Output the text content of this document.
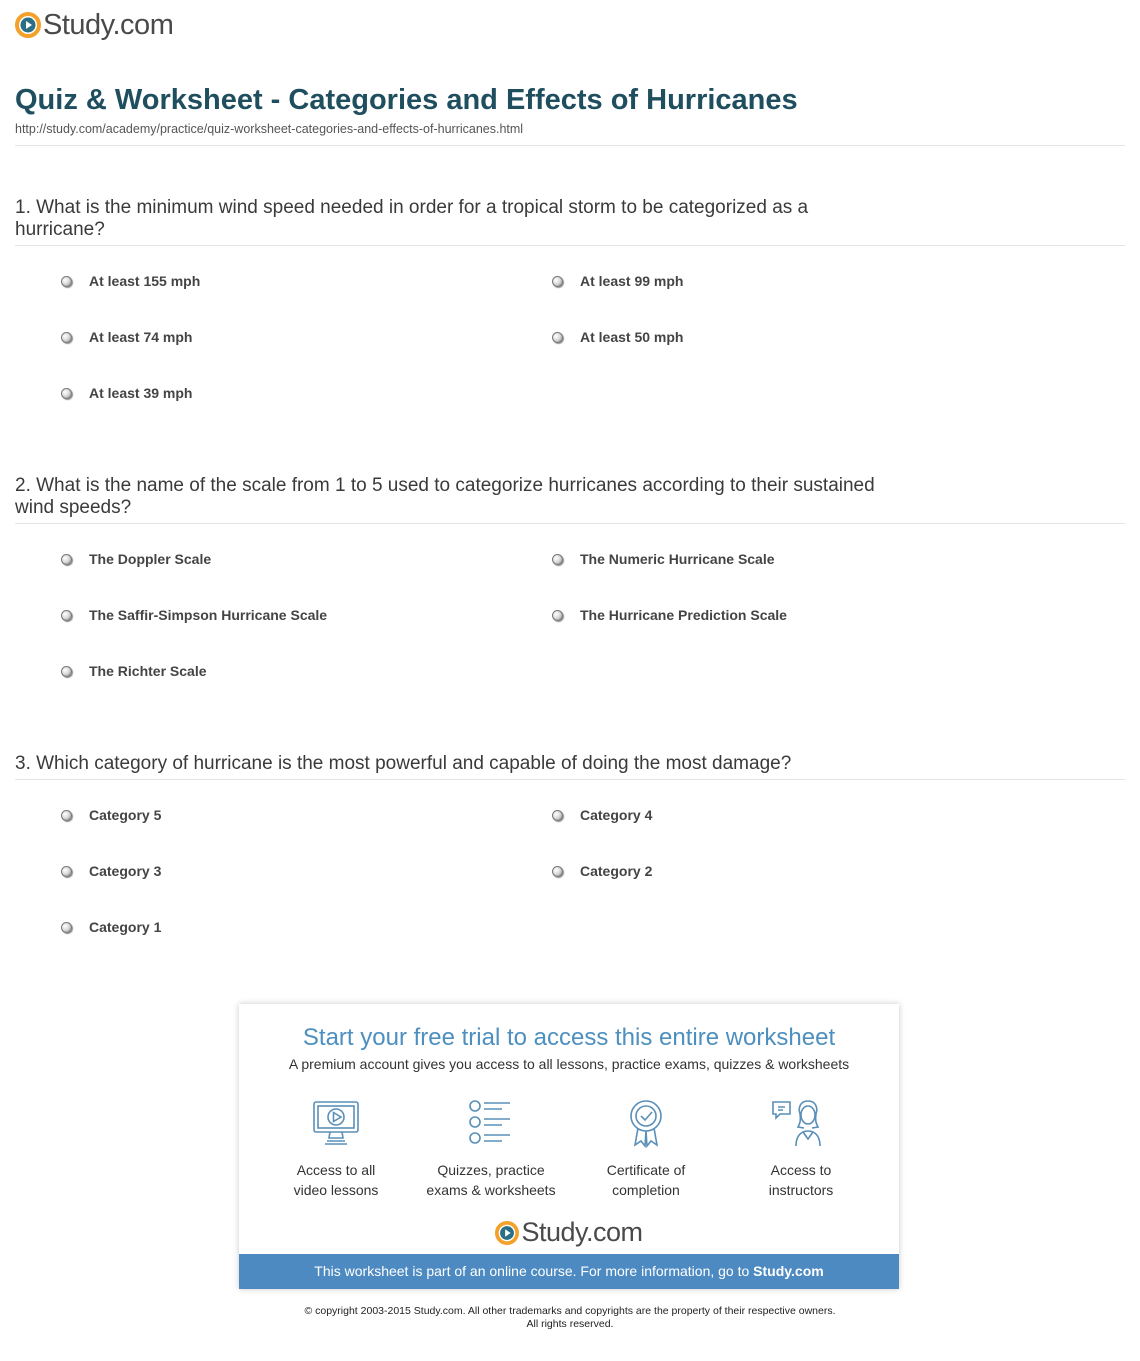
Study.com
Quiz & Worksheet - Categories and Effects of Hurricanes
http://study.com/academy/practice/quiz-worksheet-categories-and-effects-of-hurricanes.html

1. What is the minimum wind speed needed in order for a tropical storm to be categorized as a hurricane?

At least 155 mph	At least 99 mph
At least 74 mph	At least 50 mph
At least 39 mph

2. What is the name of the scale from 1 to 5 used to categorize hurricanes according to their sustained wind speeds?

The Doppler Scale	The Numeric Hurricane Scale
The Saffir-Simpson Hurricane Scale	The Hurricane Prediction Scale
The Richter Scale

3. Which category of hurricane is the most powerful and capable of doing the most damage?

Category 5	Category 4
Category 3	Category 2
Category 1
Start your free trial to access this entire worksheet
A premium account gives you access to all lessons, practice exams, quizzes & worksheets
Access to all
video lessons
Quizzes, practice
exams & worksheets
Certificate of
completion
Access to
instructors
Study.com
This worksheet is part of an online course. For more information, go to Study.com
© copyright 2003-2015 Study.com. All other trademarks and copyrights are the property of their respective owners.
All rights reserved.
